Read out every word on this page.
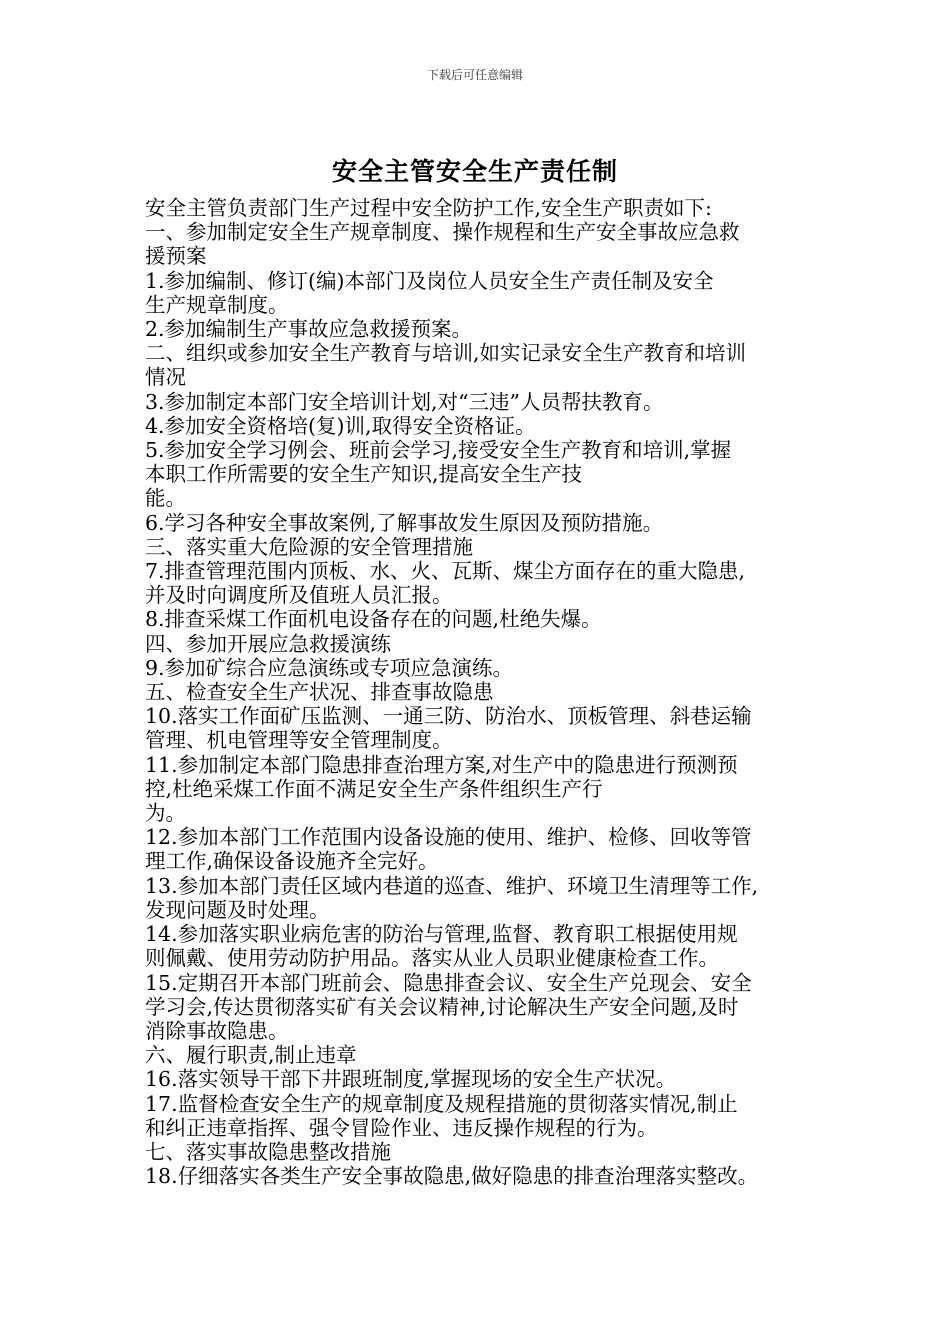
下载后可任意编辑
安全主管安全生产责任制
安全主管负责部门生产过程中安全防护工作,安全生产职责如下:
一、参加制定安全生产规章制度、操作规程和生产安全事故应急救
援预案
1.参加编制、修订(编)本部门及岗位人员安全生产责任制及安全
生产规章制度。
2.参加编制生产事故应急救援预案。
二、组织或参加安全生产教育与培训,如实记录安全生产教育和培训
情况
3.参加制定本部门安全培训计划,对“三违”人员帮扶教育。
4.参加安全资格培(复)训,取得安全资格证。
5.参加安全学习例会、班前会学习,接受安全生产教育和培训,掌握
本职工作所需要的安全生产知识,提高安全生产技
能。
6.学习各种安全事故案例,了解事故发生原因及预防措施。
三、落实重大危险源的安全管理措施
7.排查管理范围内顶板、水、火、瓦斯、煤尘方面存在的重大隐患,
并及时向调度所及值班人员汇报。
8.排查采煤工作面机电设备存在的问题,杜绝失爆。
四、参加开展应急救援演练
9.参加矿综合应急演练或专项应急演练。
五、检查安全生产状况、排查事故隐患
10.落实工作面矿压监测、一通三防、防治水、顶板管理、斜巷运输
管理、机电管理等安全管理制度。
11.参加制定本部门隐患排查治理方案,对生产中的隐患进行预测预
控,杜绝采煤工作面不满足安全生产条件组织生产行
为。
12.参加本部门工作范围内设备设施的使用、维护、检修、回收等管
理工作,确保设备设施齐全完好。
13.参加本部门责任区域内巷道的巡查、维护、环境卫生清理等工作,
发现问题及时处理。
14.参加落实职业病危害的防治与管理,监督、教育职工根据使用规
则佩戴、使用劳动防护用品。落实从业人员职业健康检查工作。
15.定期召开本部门班前会、隐患排查会议、安全生产兑现会、安全
学习会,传达贯彻落实矿有关会议精神,讨论解决生产安全问题,及时
消除事故隐患。
六、履行职责,制止违章
16.落实领导干部下井跟班制度,掌握现场的安全生产状况。
17.监督检查安全生产的规章制度及规程措施的贯彻落实情况,制止
和纠正违章指挥、强令冒险作业、违反操作规程的行为。
七、落实事故隐患整改措施
18.仔细落实各类生产安全事故隐患,做好隐患的排查治理落实整改。
